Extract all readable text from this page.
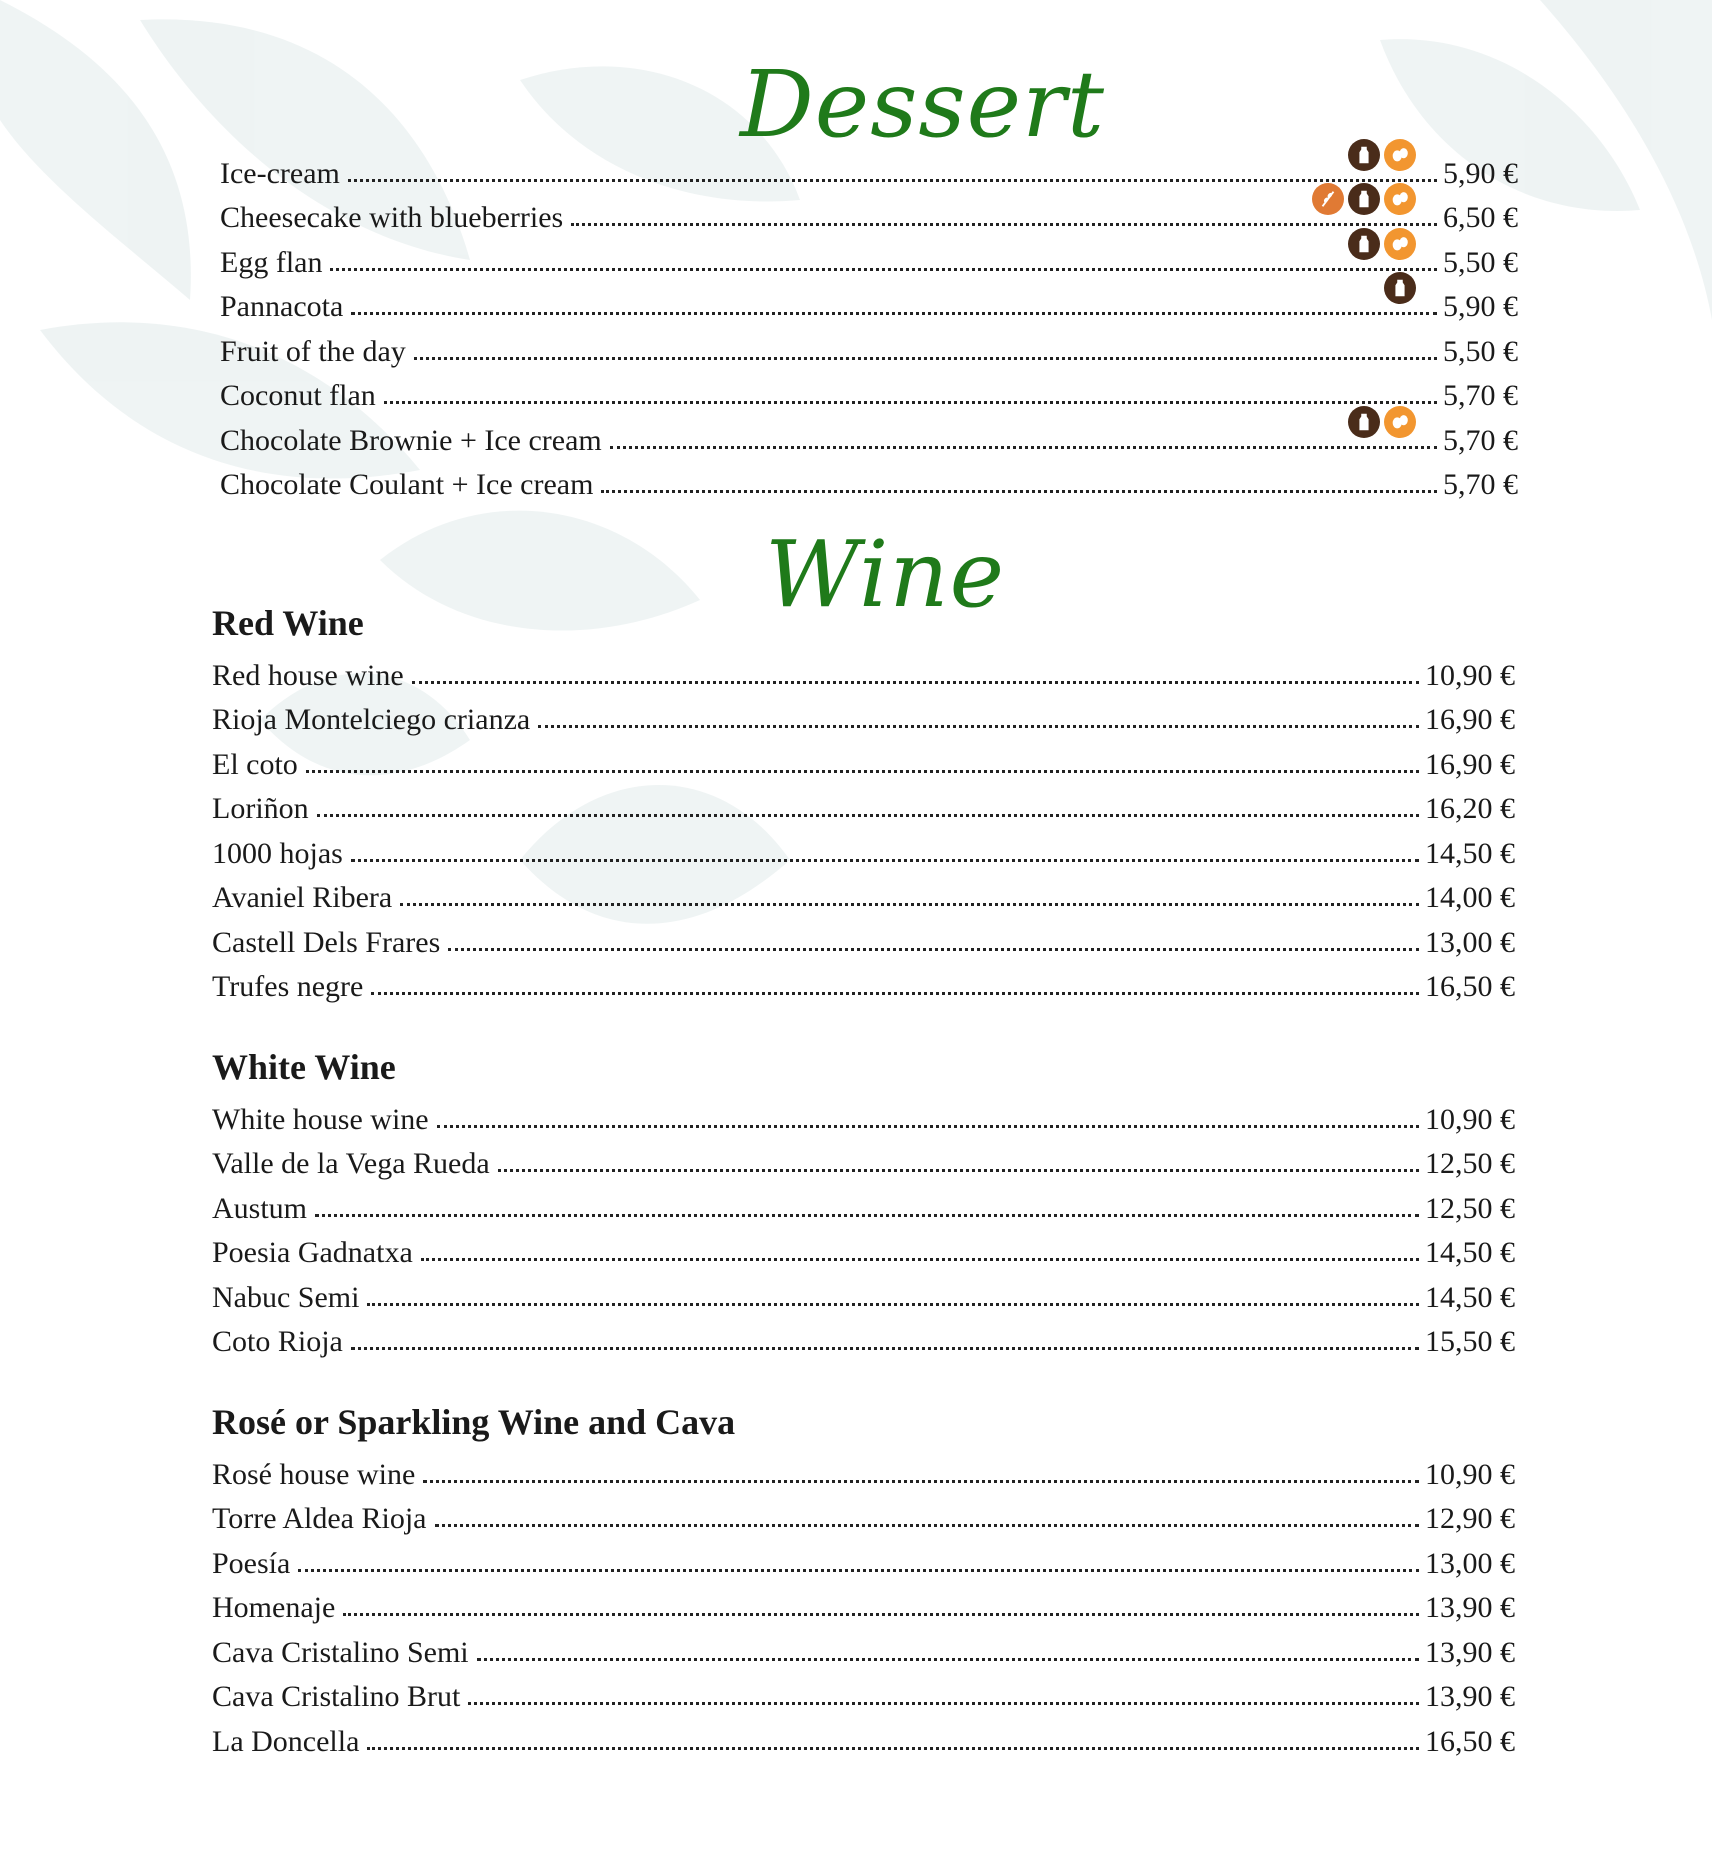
Dessert
Ice-cream	5,90 €
Cheesecake with blueberries	6,50 €
Egg flan	5,50 €
Pannacota	5,90 €
Fruit of the day	5,50 €
Coconut flan	5,70 €
Chocolate Brownie + Ice cream	5,70 €
Chocolate Coulant + Ice cream	5,70 €
Wine
Red Wine
Red house wine	10,90 €
Rioja Montelciego crianza	16,90 €
El coto	16,90 €
Loriñon	16,20 €
1000 hojas	14,50 €
Avaniel Ribera	14,00 €
Castell Dels Frares	13,00 €
Trufes negre	16,50 €
White Wine
White house wine	10,90 €
Valle de la Vega Rueda	12,50 €
Austum	12,50 €
Poesia Gadnatxa	14,50 €
Nabuc Semi	14,50 €
Coto Rioja	15,50 €
Rosé or Sparkling Wine and Cava
Rosé house wine	10,90 €
Torre Aldea Rioja	12,90 €
Poesía	13,00 €
Homenaje	13,90 €
Cava Cristalino Semi	13,90 €
Cava Cristalino Brut	13,90 €
La Doncella	16,50 €
